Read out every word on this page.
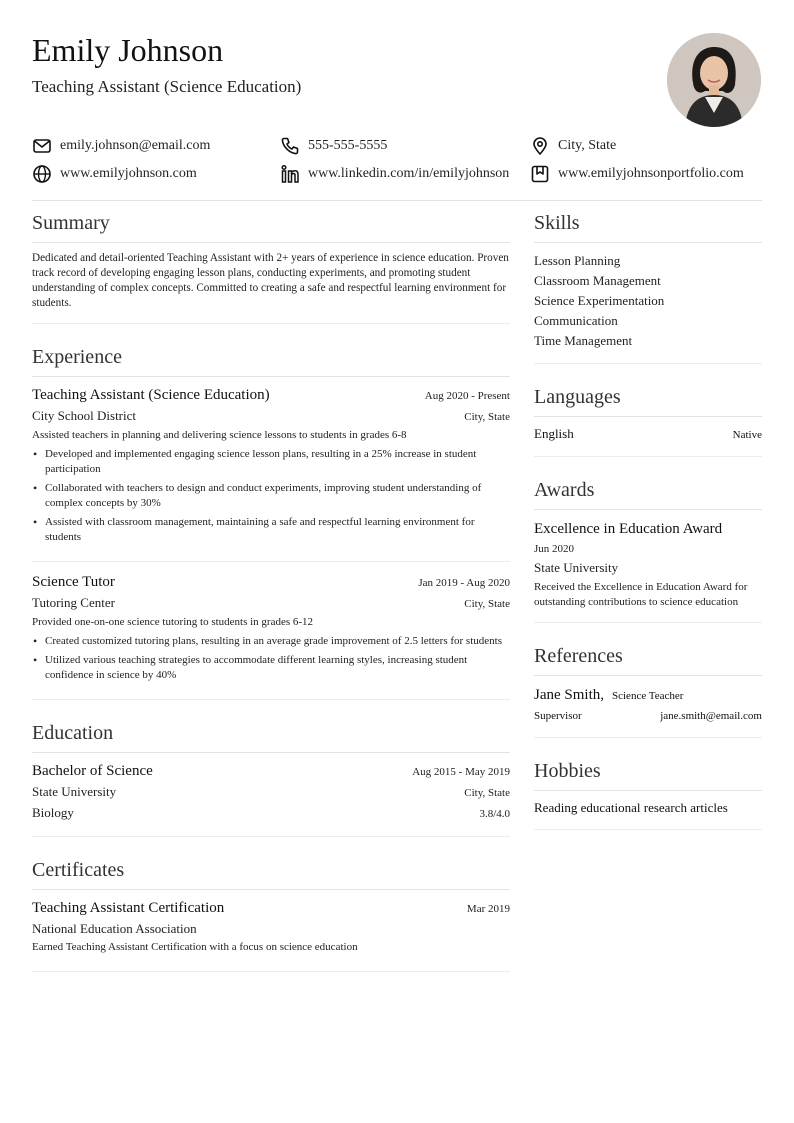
Emily Johnson
Teaching Assistant (Science Education)
emily.johnson@email.com	555-555-5555	City, State
www.emilyjohnson.com	www.linkedin.com/in/emilyjohnson	www.emilyjohnsonportfolio.com
Summary
Dedicated and detail-oriented Teaching Assistant with 2+ years of experience in science education. Proven track record of developing engaging lesson plans, conducting experiments, and promoting student understanding of complex concepts. Committed to creating a safe and respectful learning environment for students.
Experience
Teaching Assistant (Science Education)	Aug 2020 - Present
City School District	City, State
Assisted teachers in planning and delivering science lessons to students in grades 6-8
• Developed and implemented engaging science lesson plans, resulting in a 25% increase in student participation
• Collaborated with teachers to design and conduct experiments, improving student understanding of complex concepts by 30%
• Assisted with classroom management, maintaining a safe and respectful learning environment for students
Science Tutor	Jan 2019 - Aug 2020
Tutoring Center	City, State
Provided one-on-one science tutoring to students in grades 6-12
• Created customized tutoring plans, resulting in an average grade improvement of 2.5 letters for students
• Utilized various teaching strategies to accommodate different learning styles, increasing student confidence in science by 40%
Education
Bachelor of Science	Aug 2015 - May 2019
State University	City, State
Biology	3.8/4.0
Certificates
Teaching Assistant Certification	Mar 2019
National Education Association
Earned Teaching Assistant Certification with a focus on science education
Skills
Lesson Planning
Classroom Management
Science Experimentation
Communication
Time Management
Languages
English	Native
Awards
Excellence in Education Award
Jun 2020
State University
Received the Excellence in Education Award for outstanding contributions to science education
References
Jane Smith, Science Teacher
Supervisor	jane.smith@email.com
Hobbies
Reading educational research articles
